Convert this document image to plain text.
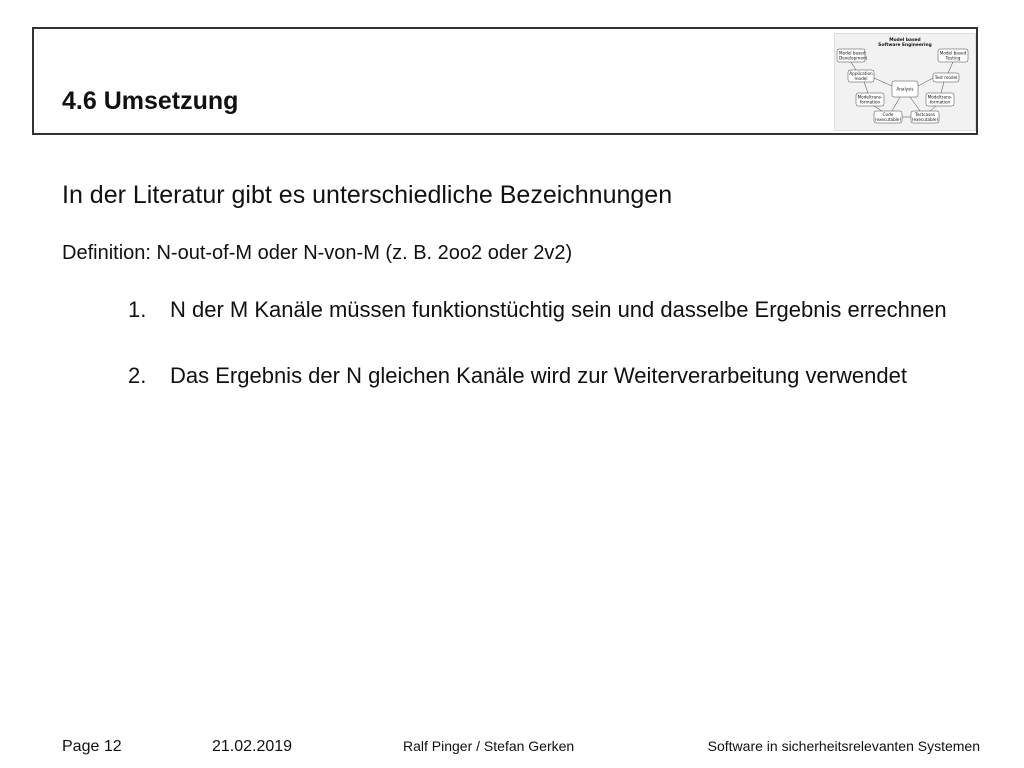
4.6 Umsetzung
Model based
Software Engineering
Model based
Development
Model based
Testing
Application
model	Test model
Analysis
Modeltrans-
formation
Modeltrans-
formation
Code
(executable)
Testcases
(executable)

In der Literatur gibt es unterschiedliche Bezeichnungen

Definition: N-out-of-M oder N-von-M (z. B. 2oo2 oder 2v2)

1. N der M Kanäle müssen funktionstüchtig sein und dasselbe Ergebnis errechnen
2. Das Ergebnis der N gleichen Kanäle wird zur Weiterverarbeitung verwendet
Page 12	21.02.2019	Ralf Pinger / Stefan Gerken	Software in sicherheitsrelevanten Systemen
